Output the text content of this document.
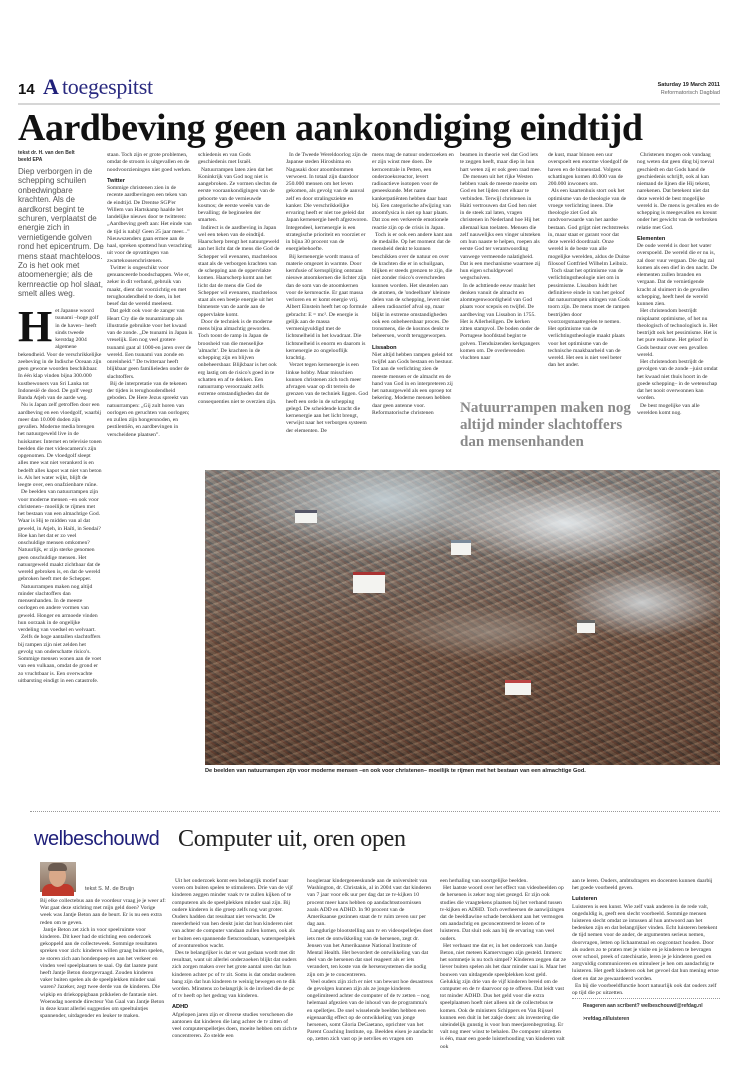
14 A toegespitst	Saturday 19 March 2011
Reformatorisch Dagblad
Aardbeving geen aankondiging eindtijd
tekst dr. H. van den Belt
beeld EPA
Diep verborgen in de schepping schuilen onbedwingbare krachten. Als de aardkorst begint te schuren, verplaatst de energie zich in vernietigende golven rond het epicentrum. De mens staat machteloos. Zo is het ook met atoomenergie; als de kernreactie op hol slaat, smelt alles weg.

Het Japanse woord tsunami –hoge golf in de haven– heeft sinds tweede kerstdag 2004 algemene bekendheid. Voor de verschrikkelijke zeebeving in de Indische Oceaan zijn geen gewone woorden beschikbaar. In één klap vinden bijna 300.000 kustbewoners van Sri Lanka tot Indonesië de dood. De golf veegt Banda Atjeh van de aarde weg.

Nu is Japan zelf getroffen door een aardbeving en een vloedgolf, waarbij meer dan 10.000 doden zijn gevallen. Moderne media brengen het natuurgeweld live in de huiskamer. Internet en televisie tonen beelden die met videocamera's zijn opgenomen. De vloedgolf sleept alles mee wat niet verankerd is en bedelft alles kapot wat niet van beton is. Als het water wijkt, blijft de leegte over, een onafzienbare ruïne.

De beelden van natuurrampen zijn voor moderne mensen –en ook voor christenen– moeilijk te rijmen met het bestaan van een almachtige God. Waar is Hij te midden van al dat geweld, in Atjeh, in Haïti, in Sendai? Hoe kan het dat er zo veel onschuldige mensen omkomen? Natuurlijk, er zijn sterke genomen geen onschuldige mensen. Het natuurgeweld maakt zichtbaar dat de wereld gebroken is, en dat de wereld gebroken heeft met de Schepper.

Natuurrampen maken nog altijd minder slachtoffers dan mensenhanden. In de meeste oorlogen en andere vormen van geweld. Honger en armoede vinden hun oorzaak in de ongelijke verdeling van voedsel en welvaart.

Zelfs de hoge aantallen slachtoffers bij rampen zijn niet zelden het gevolg van onderschatte risico's. Sommige mensen wonen aan de voet van een vulkaan, omdat de grond er zo vruchtbaar is. Een overwachte uitbarsting eindigt in een catastrofe.

staan. Toch zijn er grote problemen, omdat de stroom is uitgevallen en de noodvoorzieningen niet goed werken.

Twitter

Sommige christenen zien in de recente aardbevingen een teken van de eindtijd. De Drentse SGP'er Willem van Hartskamp haalde het landelijke nieuws door te twitteren: „Aardbeving geeft aan: Het einde van de tijd is nabij! Geen 25 jaar meer...” Nieuwszenders gaan ermee aan de haal, spreken spottend hun verachting uit voor de opvattingen van zwartekousenchristenen.

Twitter is ongeschikt voor genuanceerde boodschappen. Wie er, zeker in dit verband, gebruik van maakt, dient dat voorzichtig en met terughoudendheid te doen, in het besef dat de wereld meeleest.

Dat geldt ook voor de zanger van Heart Cry die de tsunamiramp als illustratie gebruikte voor het kwaad van de zonde. „De tsunami in Japan is vreselijk. Een nog veel grotere tsunami gaat al 1000-en jaren over de wereld. Een tsunami van zonde en onreinheid.” De twitteraar heeft blijkbaar geen familieleden onder de slachtoffers.

Bij de interpretatie van de tekenen der tijden is terughoudendheid geboden. De Here Jezus spreekt van natuurrampen: „Gij zult horen van oorlogen en geruchten van oorlogen; en zullen zijn hongersnoden, en pestilentiën, en aardbevingen in verscheidene plaatsen”.

schiedenis en van Gods geschiedenis met Israël.

Natuurrampen laten zien dat het Koninkrijk van God nog niet is aangebroken. Ze vormen slechts de eerste vooraankondigingen van de geboorte van de vernieuwde kosmos; de eerste weeën van de bevalling; de beginselen der smarten.

Indirect is de aardbeving in Japan wel een teken van de eindtijd. Haarscherp brengt het natuurgeweld aan het licht dat de mens die God de Schepper wil evenaren, machteloos staat als de verborgen krachten van de schepping aan de oppervlakte komen. Haarscherp komt aan het licht dat de mens die God de Schepper wil evenaren, machteloos staat als een beetje energie uit het binnenste van de aarde aan de oppervlakte komt.

Door de techniek is de moderne mens bijna almachtig geworden. Toch toont de ramp in Japan de broosheid van die menselijke 'almacht'. De krachten in de schepping zijn en blijven onbeheersbaar. Blijkbaar is het ook erg lastig om de risico's goed in te schatten en af te dekken. Een natuurramp veroorzaakt zelfs extreme omstandigheden dat de consequenties niet te overzien zijn.

In de Tweede Wereldoorlog zijn de Japanse steden Hiroshima en Nagasaki door atoombommen verwoest. In totaal zijn daardoor 250.000 mensen om het leven gekomen, als gevolg van de aanval zelf en door stralingsziekte en kanker. Die verschrikkelijke ervaring heeft er niet toe geleid dat Japan kernenergie heeft afgezworen. Integendeel, kernenergie is een strategische prioriteit en voorziet er in bijna 30 procent van de energiebehoefte.

Bij kernenergie wordt massa of materie omgezet in warmte. Door kernfusie of kernsplijting ontstaan nieuwe atoomkernen die lichter zijn dan de som van de atoomkernen voor de kernreactie. Er gaat massa verloren en er komt energie vrij. Albert Einstein heeft het op formule gebracht: E = mc². De energie is gelijk aan de massa vermenigvuldigd met de lichtsnelheid in het kwadraat. Die lichtsnelheid is enorm en daarom is kernenergie zo ongelooflijk krachtig.

Verzet tegen kernenergie is een linkse hobby. Maar misschien kunnen christenen zich toch meer afvragen waar op dit terrein de grenzen van de techniek liggen. God heeft een orde in de schepping gelegd. De scheidende kracht die kernenergie aan het licht brengt, verwijst naar het verborgen systeem der elementen. De

mens mag de natuur onderzoeken en er zijn winst mee doen. De kerncentrale in Petten, een onderzoeksreactor, levert radioactieve isotopen voor de geneeskunde. Met name kankerpatiënten hebben daar baat bij. Een categorische afwijzing van atoomfysica is niet op haar plaats. Dat zou een verkeerde emotionele reactie zijn op de crisis in Japan.

Toch is er ook een andere kant aan de medaille. Op het moment dat de mensheid denkt te kunnen beschikken over de natuur en over de krachten die er in schuilgaan, blijken er steeds grenzen te zijn, die niet zonder risico's overschreden kunnen worden. Het sleutelen aan de atomen, de 'ondeelbare' kleinste delen van de schepping, levert niet alleen radioactief afval op, maar blijkt in extreme omstandigheden ook een onbeheersbaar proces. De tronsmens, die de kosmos denkt te beheersen, wordt teruggeworpen.

Lissabon

Niet altijd hebben rampen geleid tot twijfel aan Gods bestaan en bestuur. Tot aan de verlichting zien de meeste mensen er de almacht en de hand van God in en interpreteren zij het natuurgeweld als een oproep tot bekering. Moderne mensen hebben daar geen antenne voor. Reformatorische christenen

beamen in theorie wel dat God iets te zeggen heeft, maar diep in hun hart weten zij er ook geen raad mee.

De mensen uit het rijke Westen hebben vaak de meeste moeite om God en het lijden met elkaar te verbinden. Terwijl christenen in Haïti vertrouwen dat God hen niet in de steek zal laten, vragen christenen in Nederland hoe Hij het allemaal kan toelaten. Mensen die zelf nauwelijks een vinger uitsteken om hun naaste te helpen, roepen als eerste God ter verantwoording vanwege vermeende nalatigheid. Dat is een mechanisme waarmee zij hun eigen schuldgevoel wegschuiven.

In de achttiende eeuw maakt het denken vanuit de almacht en alomtegenwoordigheid van God plaats voor scepsis en twijfel. De aardbeving van Lissabon in 1755. Het is Allerheiligen. De kerken zitten stampvol. De boden onder de Portugese hoofdstad begint te golven. Tienduizenden kerkgangers komen om. De overlevenden vluchten naar

de kust, maar binnen een uur overspoelt een enorme vloedgolf de haven en de binnenstad. Volgens schattingen komen 40.000 van de 200.000 inwoners om.

Als een kaartenhuis stort ook het optimisme van de theologie van de vroege verlichting ineen. Die theologie ziet God als randvoorwaarde van het aardse bestaan. God grijpt niet rechtstreeks in, maar staat er garant voor dat deze wereld doordraait. Onze wereld is de beste van alle mogelijke werelden, aldus de Duitse filosoof Gottfried Wilhelm Leibniz.

Toch slaat het optimisme van de verlichtingstheologie niet om in pessimisme. Lissabon luidt het definitieve einde in van het geloof dat natuurrampen uitingen van Gods toorn zijn. De mens moet de rampen bestrijden door voorzorgsmaatregelen te nemen. Het optimisme van de verlichtingstheologie maakt plaats voor het optimisme van de technische maakbaarheid van de wereld. Het een is niet veel beter dan het ander.

Christenen mogen ook vandaag nog weten dat geen ding bij toeval geschiedt en dat Gods hand de geschiedenis schrijft, ook al kan niemand de lijnen die Hij tekent, narekenen. Dat betekent niet dat deze wereld de best mogelijke wereld is. De mens is gevallen en de schepping is meegevallen en kreunt onder het gewicht van de verbroken relatie met God.

Elementen

De oude wereld is door het water overspoeld. De wereld die er nu is, zal door vuur vergaan. Die dag zal komen als een dief in den nacht. De elementen zullen branden en vergaan. Dat de vernietigende kracht al sluimert in de gevallen schepping, heeft heel de wereld kunnen zien.

Het christendom bestrijdt misplaatst optimisme, of het nu theologisch of technologisch is. Het bestrijdt ook het pessimisme. Het is het pure realisme. Het geloof in Gods bestuur over een gevallen wereld.

Het christendom bestrijdt de gevolgen van de zonde –juist omdat het kwaad niet thuis hoort in de goede schepping– in de wetenschap dat het nooit overwonnen kan worden.

De best mogelijke van alle werelden komt nog.

Natuurrampen maken nog altijd minder slachtoffers dan mensenhanden
De beelden van natuurrampen zijn voor moderne mensen –en ook voor christenen– moeilijk te rijmen met het bestaan van een almachtige God.
welbeschouwd Computer uit, oren open
tekst S. M. de Bruijn

Bij elke collectebus aan de voordeur vraag je je weer af: Wat gaat deze stichting met mijn geld doen? Vorige week was Jantje Beton aan de beurt. Er is nu een extra reden om te geven.

Jantje Beton zet zich in voor speelruimte voor kinderen. Dit keer had de stichting een onderzoek gekoppeld aan de collecteweek. Sommige resultaten spreken voor zich: kinderen willen graag buiten spelen, ze storen zich aan hondenpoep en aan het verkeer en vinden veel speelplaatsen te saai. Op dat laatste punt heeft Jantje Beton doorgevraagd. Zouden kinderen vaker buiten spelen als de speelplekken minder saai waren? Jazeker, zegt twee derde van de kinderen. Die wipkip en driekoppigbaan prikkelen de fantasie niet. Woensdag noemde directeur Van Gaal van Jantje Beton in deze krant allerlei suggesties om speeltuintjes spannender, uitdagender en leuker te maken.

Uit het onderzoek komt een belangrijk motief naar voren om buiten spelen te stimuleren. Drie van de vijf kinderen zeggen minder vaak tv te zullen kijken of te computeren als de speelplekken minder saai zijn. Bij oudere kinderen is die groep zelfs nog wat groter. Ouders hadden dat resultaat niet verwacht. De meerderheid van hen denkt juist dat hun kinderen niet van achter de computer vandaan zullen komen, ook als er buiten een spannende fietscrossbaan, waterspeelplek of avonturenbos wacht.

Des te belangrijker is dat er wat gedaan wordt met dit resultaat, want uit allerlei onderzoeken blijkt dat ouders zich zorgen maken over het grote aantal uren dat hun kinderen achter pc of tv zit. Soms is dat omdat ouderen bang zijn dat hun kinderen te weinig bewegen en te dik worden. Minstens zo belangrijk is de invloed die de pc of tv heeft op het gedrag van kinderen.

ADHD

Afgelopen jaren zijn er diverse studies verschenen die aantonen dat kinderen die lang achter de tv zitten of veel computerspelletjes doen, moeite hebben om zich te concentreren. Zo stelde een

hoogleraar kindergeneeskunde aan de universiteit van Washington, dr. Christakis, al in 2004 vast dat kinderen van 7 jaar voor elk uur per dag dat ze tv-kijken 10 procent meer kans hebben op aandachtsstoornissen zoals ADD en ADHD. In 90 procent van de Amerikaanse gezinnen staat de tv ruim zeven uur per dag aan.

Langdurige blootstelling aan tv en videospelletjes doet iets met de ontwikkeling van de hersenen, zegt dr. Jensen van het Amerikaanse National Institute of Mental Health. Het bevordert de ontwikkeling van dat deel van de hersenen dat snel reageert als er iets verandert, ten koste van de hersensystemen die nodig zijn om je te concentreren.

Veel ouders zijn zich er niet van bewust hoe desastreus de gevolgen kunnen zijn als ze jonge kinderen ongelimiteerd achter de computer of de tv zetten – nog helemaal afgezien van de inhoud van de programma's en spelletjes. De snel wisselende beelden hebben een eigenaardig effect op de ontwikkeling van jonge hersenen, somt Gloria DeGaetano, oprichter van het Parent Coaching Institute, op. Beelden eisen je aandacht op, zetten zich vast op je netvlies en vragen om

een herhaling van soortgelijke beelden.

Het laatste woord over het effect van videobeelden op de hersenen is zeker nog niet gezegd. Er zijn ook studies die vraagtekens plaatsen bij het verband tussen tv-kijken en ADHD. Toch overheersen de aanwijzingen dat de beeldlawine schade berokkent aan het vermogen om aandachtig en geconcentreerd te lezen of te luisteren. Dat sluit ook aan bij de ervaring van veel ouders.

Het verbaast me dat er, in het onderzoek van Jantje Beton, niet meteen Kamervragen zijn gesteld. Immers: het sommetje is nu toch simpel? Kinderen zeggen dat ze liever buiten spelen als het daar minder saai is. Maar het bouwen van uitdagende speelplekken kost geld. Gelukkig zijn drie van de vijf kinderen bereid om de computer en de tv daarvoor op te offeren. Dat leidt vast tot minder ADHD. Dus het geld voor die extra speelplaatsen hoeft niet alleen uit de collectebus te komen. Ook de ministers Schippers en Van Rijssel kunnen een duit in het zakje doen: als investering die uiteindelijk gunstig is voor hun meerjarenbegroting. Er valt nog meer winst te behalen. De computer uitzetten is één, maar een goede luisterhouding van kinderen valt ook

aan te leren. Ouders, ambtsdragers en docenten kunnen daarbij het goede voorbeeld geven.

Luisteren

Luisteren is een kunst. Wie zelf vaak anderen in de rede valt, ongeduldig is, geeft een slecht voorbeeld. Sommige mensen luisteren slecht omdat ze intussen al hun antwoord aan het bedenken zijn en dat belangrijker vinden. Echt luisteren betekent de tijd nemen voor de ander, de argumenten serieus nemen, doorvragen, letten op lichaamstaal en oogcontact houden. Door als ouders zo te praten met je visite en je kinderen te bevragen over school, preek of catechisatie, leren je je kinderen goed en zorgvuldig communiceren en stimuleer je hen om aandachtig te luisteren. Het geeft kinderen ook het gevoel dat hun mening ertoe doet en dat ze gewaardeerd worden.

En bij die voorbeeldfunctie hoort natuurlijk ook dat ouders zelf op tijd die pc uitzetten.

Reageren aan scribent? welbeschouwd@refdag.nl
>refdag.nl/luisteren
